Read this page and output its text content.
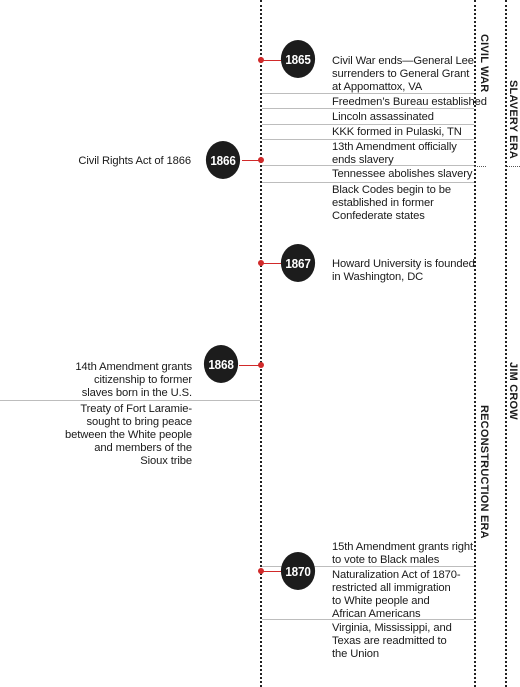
1865
1866
1867
1868
1870
Civil War ends—General Lee
surrenders to General Grant
at Appomattox, VA
Freedmen’s Bureau established
Lincoln assassinated
KKK formed in Pulaski, TN
13th Amendment officially
ends slavery
Tennessee abolishes slavery
Black Codes begin to be
established in former
Confederate states
Howard University is founded
in Washington, DC
15th Amendment grants right
to vote to Black males
Naturalization Act of 1870-
restricted all immigration
to White people and
African Americans
Virginia, Mississippi, and
Texas are readmitted to
the Union
Civil Rights Act of 1866
14th Amendment grants
citizenship to former
slaves born in the U.S.
Treaty of Fort Laramie-
sought to bring peace
between the White people
and members of the
Sioux tribe
CIVIL WAR
RECONSTRUCTION ERA
SLAVERY ERA
JIM CROW
